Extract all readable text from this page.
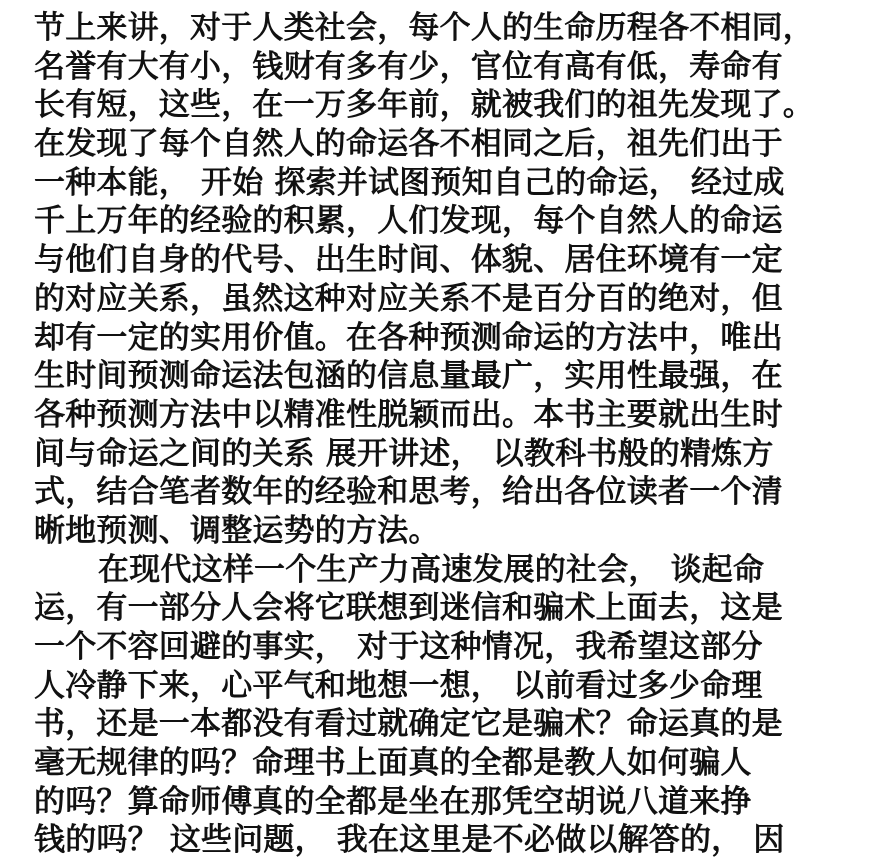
节上来讲，对于人类社会，每个人的生命历程各不相同，
名誉有大有小，钱财有多有少，官位有高有低，寿命有
长有短，这些，在一万多年前，就被我们的祖先发现了。
在发现了每个自然人的命运各不相同之后，祖先们出于
一种本能， 开始 探索并试图预知自己的命运， 经过成
千上万年的经验的积累，人们发现，每个自然人的命运
与他们自身的代号、出生时间、体貌、居住环境有一定
的对应关系，虽然这种对应关系不是百分百的绝对，但
却有一定的实用价值。在各种预测命运的方法中，唯出
生时间预测命运法包涵的信息量最广，实用性最强，在
各种预测方法中以精准性脱颖而出。本书主要就出生时
间与命运之间的关系 展开讲述， 以教科书般的精炼方
式，结合笔者数年的经验和思考，给出各位读者一个清
晰地预测、调整运势的方法。
在现代这样一个生产力高速发展的社会， 谈起命
运，有一部分人会将它联想到迷信和骗术上面去，这是
一个不容回避的事实， 对于这种情况，我希望这部分
人冷静下来，心平气和地想一想， 以前看过多少命理
书，还是一本都没有看过就确定它是骗术？命运真的是
毫无规律的吗？命理书上面真的全都是教人如何骗人
的吗？算命师傅真的全都是坐在那凭空胡说八道来挣
钱的吗？ 这些问题， 我在这里是不必做以解答的， 因
